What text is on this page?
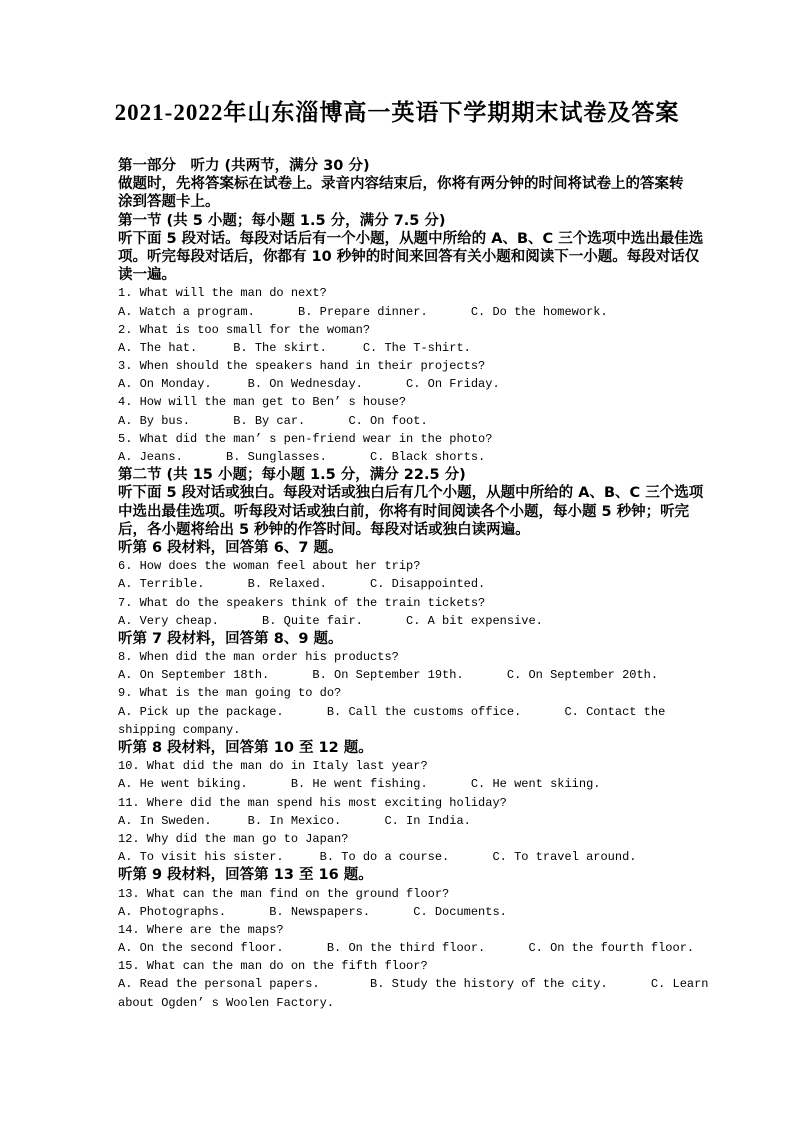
2021-2022年山东淄博高一英语下学期期末试卷及答案
第一部分　听力 (共两节，满分 30 分)
做题时，先将答案标在试卷上。录音内容结束后，你将有两分钟的时间将试卷上的答案转
涂到答题卡上。
第一节 (共 5 小题；每小题 1.5 分，满分 7.5 分)
听下面 5 段对话。每段对话后有一个小题，从题中所给的 A、B、C 三个选项中选出最佳选
项。听完每段对话后，你都有 10 秒钟的时间来回答有关小题和阅读下一小题。每段对话仅
读一遍。
1. What will the man do next?
A. Watch a program.      B. Prepare dinner.      C. Do the homework.
2. What is too small for the woman?
A. The hat.     B. The skirt.     C. The T-shirt.
3. When should the speakers hand in their projects?
A. On Monday.     B. On Wednesday.      C. On Friday.
4. How will the man get to Ben’ s house?
A. By bus.      B. By car.      C. On foot.
5. What did the man’ s pen-friend wear in the photo?
A. Jeans.      B. Sunglasses.      C. Black shorts.
第二节 (共 15 小题；每小题 1.5 分，满分 22.5 分)
听下面 5 段对话或独白。每段对话或独白后有几个小题，从题中所给的 A、B、C 三个选项
中选出最佳选项。听每段对话或独白前，你将有时间阅读各个小题，每小题 5 秒钟；听完
后，各小题将给出 5 秒钟的作答时间。每段对话或独白读两遍。
听第 6 段材料，回答第 6、7 题。
6. How does the woman feel about her trip?
A. Terrible.      B. Relaxed.      C. Disappointed.
7. What do the speakers think of the train tickets?
A. Very cheap.      B. Quite fair.      C. A bit expensive.
听第 7 段材料，回答第 8、9 题。
8. When did the man order his products?
A. On September 18th.      B. On September 19th.      C. On September 20th.
9. What is the man going to do?
A. Pick up the package.      B. Call the customs office.      C. Contact the
shipping company.
听第 8 段材料，回答第 10 至 12 题。
10. What did the man do in Italy last year?
A. He went biking.      B. He went fishing.      C. He went skiing.
11. Where did the man spend his most exciting holiday?
A. In Sweden.     B. In Mexico.      C. In India.
12. Why did the man go to Japan?
A. To visit his sister.     B. To do a course.      C. To travel around.
听第 9 段材料，回答第 13 至 16 题。
13. What can the man find on the ground floor?
A. Photographs.      B. Newspapers.      C. Documents.
14. Where are the maps?
A. On the second floor.      B. On the third floor.      C. On the fourth floor.
15. What can the man do on the fifth floor?
A. Read the personal papers.       B. Study the history of the city.      C. Learn
about Ogden’ s Woolen Factory.
